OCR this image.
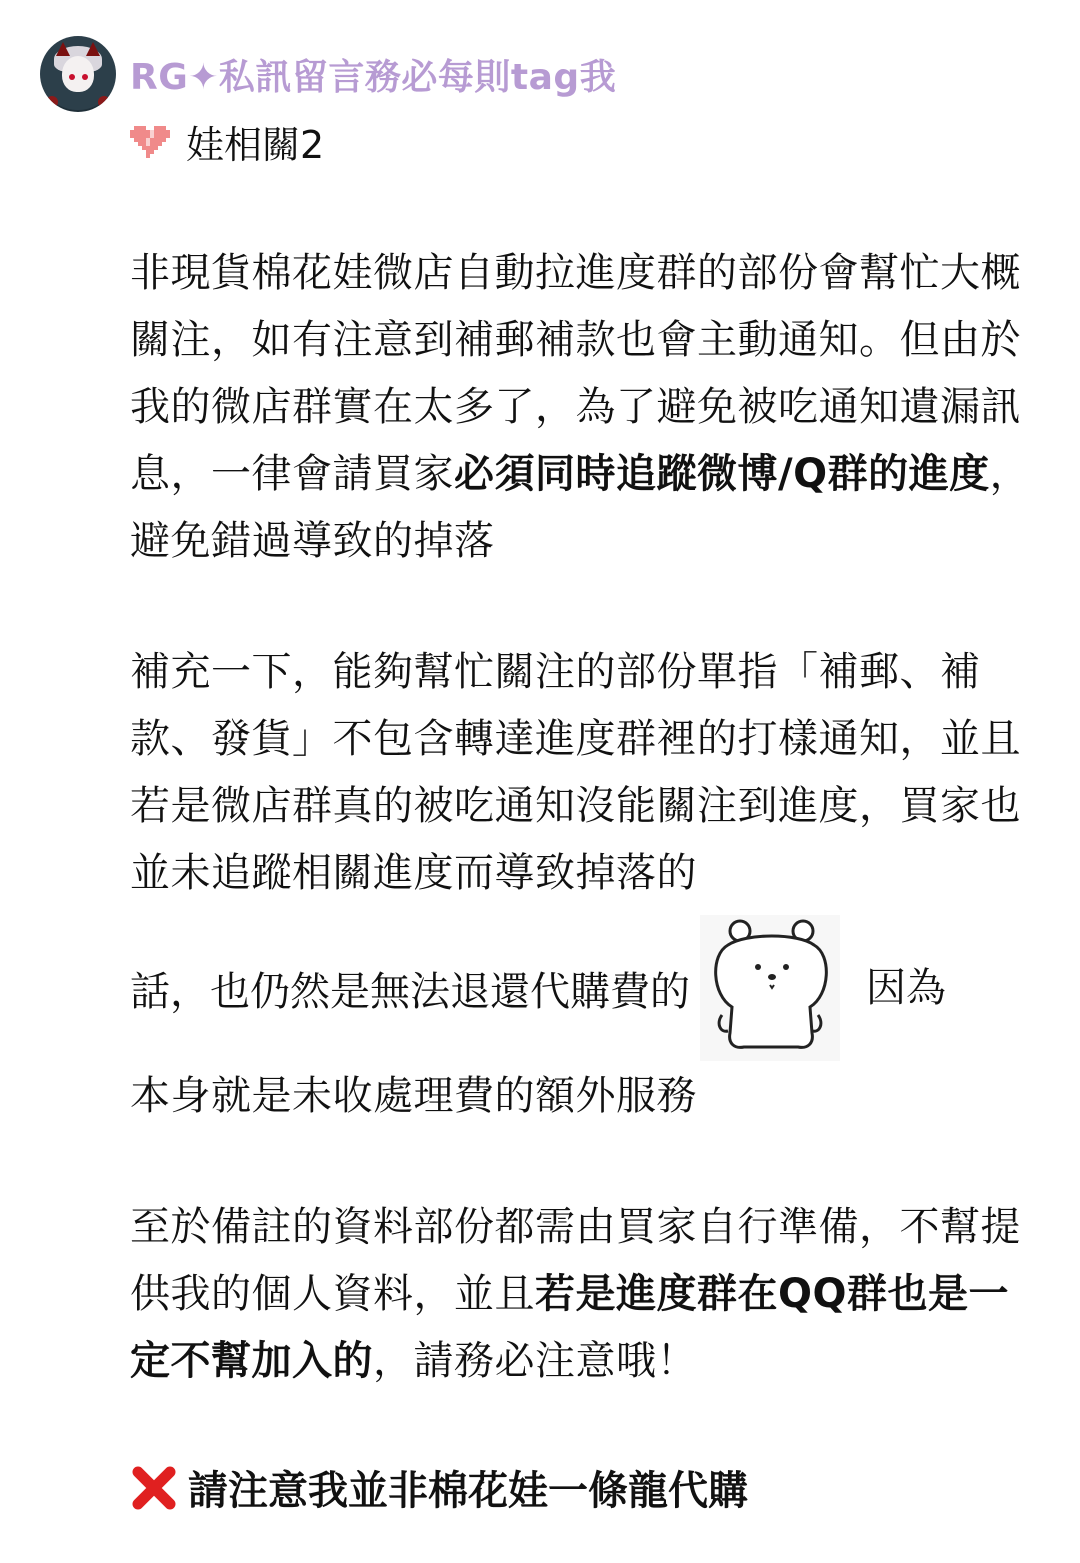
RG✦私訊留言務必每則tag我
娃相關2

非現貨棉花娃微店自動拉進度群的部份會幫忙大概關注，如有注意到補郵補款也會主動通知。但由於我的微店群實在太多了，為了避免被吃通知遺漏訊息，一律會請買家必須同時追蹤微博/Q群的進度，避免錯過導致的掉落

補充一下，能夠幫忙關注的部份單指「補郵、補款、發貨」不包含轉達進度群裡的打樣通知，並且若是微店群真的被吃通知沒能關注到進度，買家也並未追蹤相關進度而導致掉落的

話，也仍然是無法退還代購費的	因為

本身就是未收處理費的額外服務

至於備註的資料部份都需由買家自行準備，不幫提供我的個人資料，並且若是進度群在QQ群也是一定不幫加入的，請務必注意哦！

請注意我並非棉花娃一條龍代購
